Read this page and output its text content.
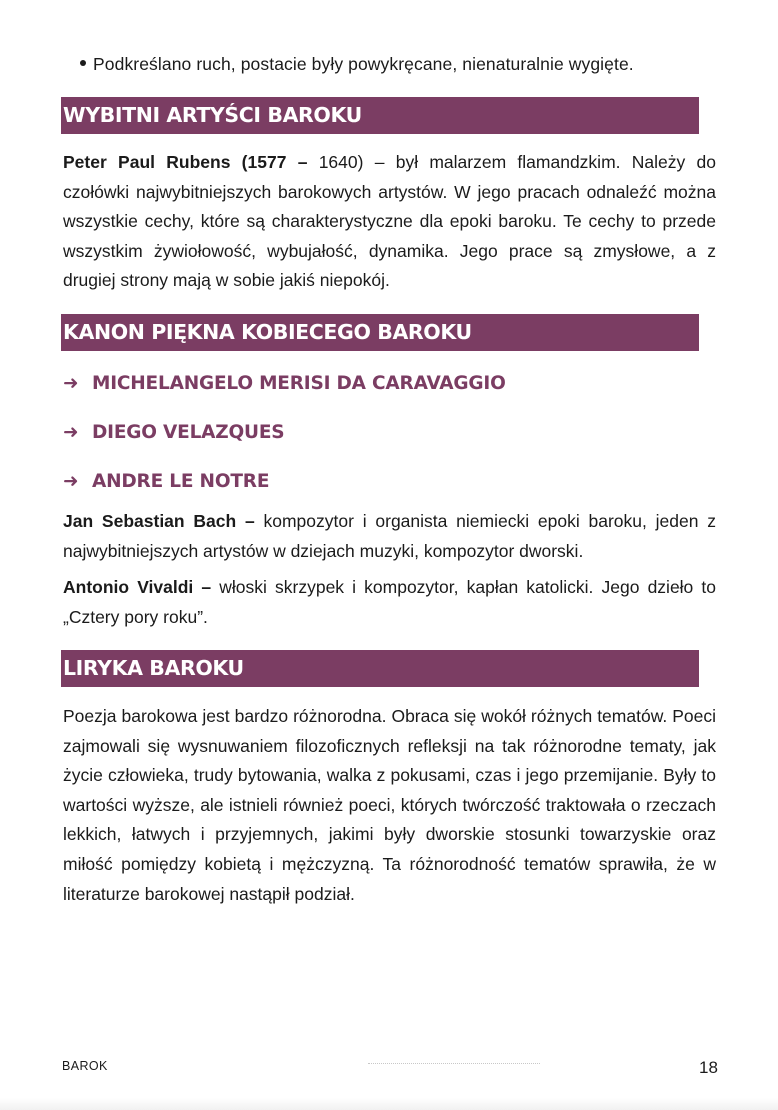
Podkreślano ruch, postacie były powykręcane, nienaturalnie wygięte.
WYBITNI ARTYŚCI BAROKU

Peter Paul Rubens (1577 – 1640) – był malarzem flamandzkim. Należy do czołówki najwybitniejszych barokowych artystów. W jego pracach odnaleźć można wszystkie cechy, które są charakterystyczne dla epoki baroku. Te cechy to przede wszystkim żywiołowość, wybujałość, dynamika. Jego prace są zmysłowe, a z drugiej strony mają w sobie jakiś niepokój.

KANON PIĘKNA KOBIECEGO BAROKU
➜ MICHELANGELO MERISI DA CARAVAGGIO
➜ DIEGO VELAZQUES
➜ ANDRE LE NOTRE

Jan Sebastian Bach – kompozytor i organista niemiecki epoki baroku, jeden z najwybitniejszych artystów w dziejach muzyki, kompozytor dworski.

Antonio Vivaldi – włoski skrzypek i kompozytor, kapłan katolicki. Jego dzieło to „Cztery pory roku”.

LIRYKA BAROKU

Poezja barokowa jest bardzo różnorodna. Obraca się wokół różnych tematów. Poeci zajmowali się wysnuwaniem filozoficznych refleksji na tak różnorodne tematy, jak życie człowieka, trudy bytowania, walka z pokusami, czas i jego przemijanie. Były to wartości wyższe, ale istnieli również poeci, których twórczość traktowała o rzeczach lekkich, łatwych i przyjemnych, jakimi były dworskie stosunki towarzyskie oraz miłość pomiędzy kobietą i mężczyzną. Ta różnorodność tematów sprawiła, że w literaturze barokowej nastąpił podział.

BAROK	18
